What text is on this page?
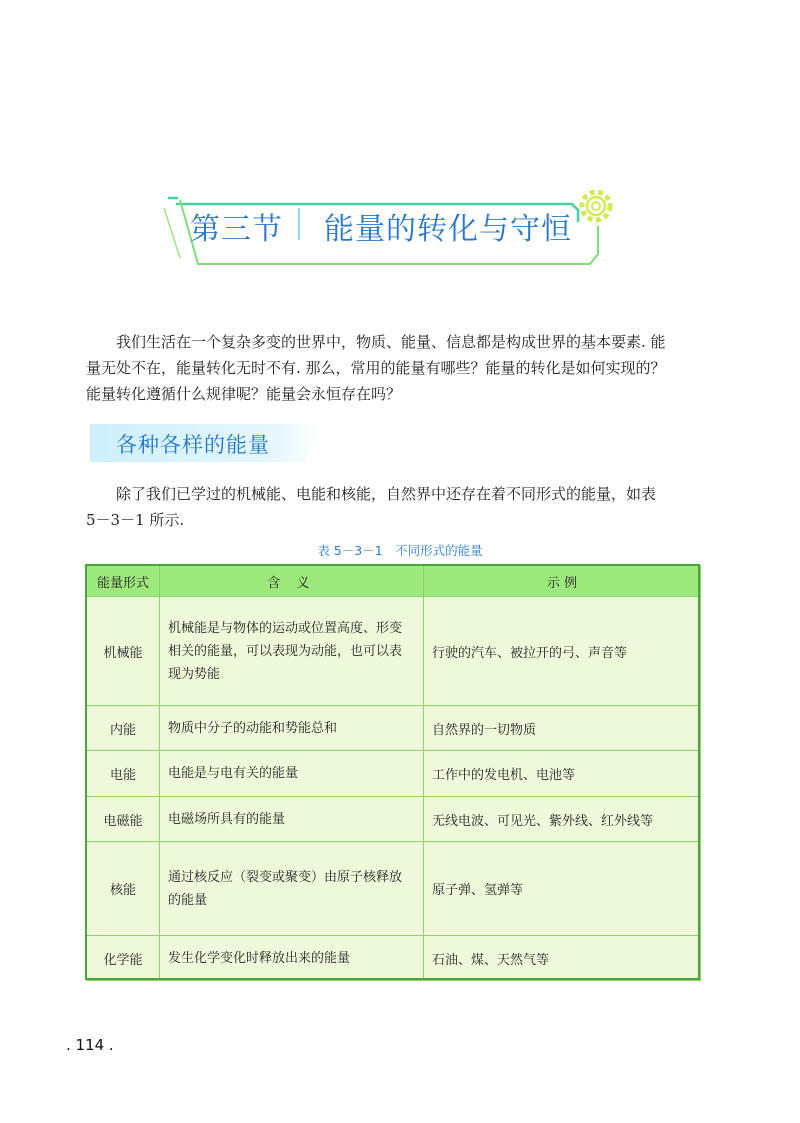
第三节 能量的转化与守恒

我们生活在一个复杂多变的世界中，物质、能量、信息都是构成世界的基本要素. 能
量无处不在，能量转化无时不有. 那么，常用的能量有哪些？能量的转化是如何实现的？
能量转化遵循什么规律呢？能量会永恒存在吗？

各种各样的能量

除了我们已学过的机械能、电能和核能，自然界中还存在着不同形式的能量，如表
5－3－1 所示.

表 5－3－1　不同形式的能量
能量形式	含 义	示 例
机械能	机械能是与物体的运动或位置高度、形变
相关的能量，可以表现为动能，也可以表
现为势能	行驶的汽车、被拉开的弓、声音等
内能	物质中分子的动能和势能总和	自然界的一切物质
电能	电能是与电有关的能量	工作中的发电机、电池等
电磁能	电磁场所具有的能量	无线电波、可见光、紫外线、红外线等
核能	通过核反应（裂变或聚变）由原子核释放
的能量	原子弹、氢弹等
化学能	发生化学变化时释放出来的能量	石油、煤、天然气等
. 114 .
